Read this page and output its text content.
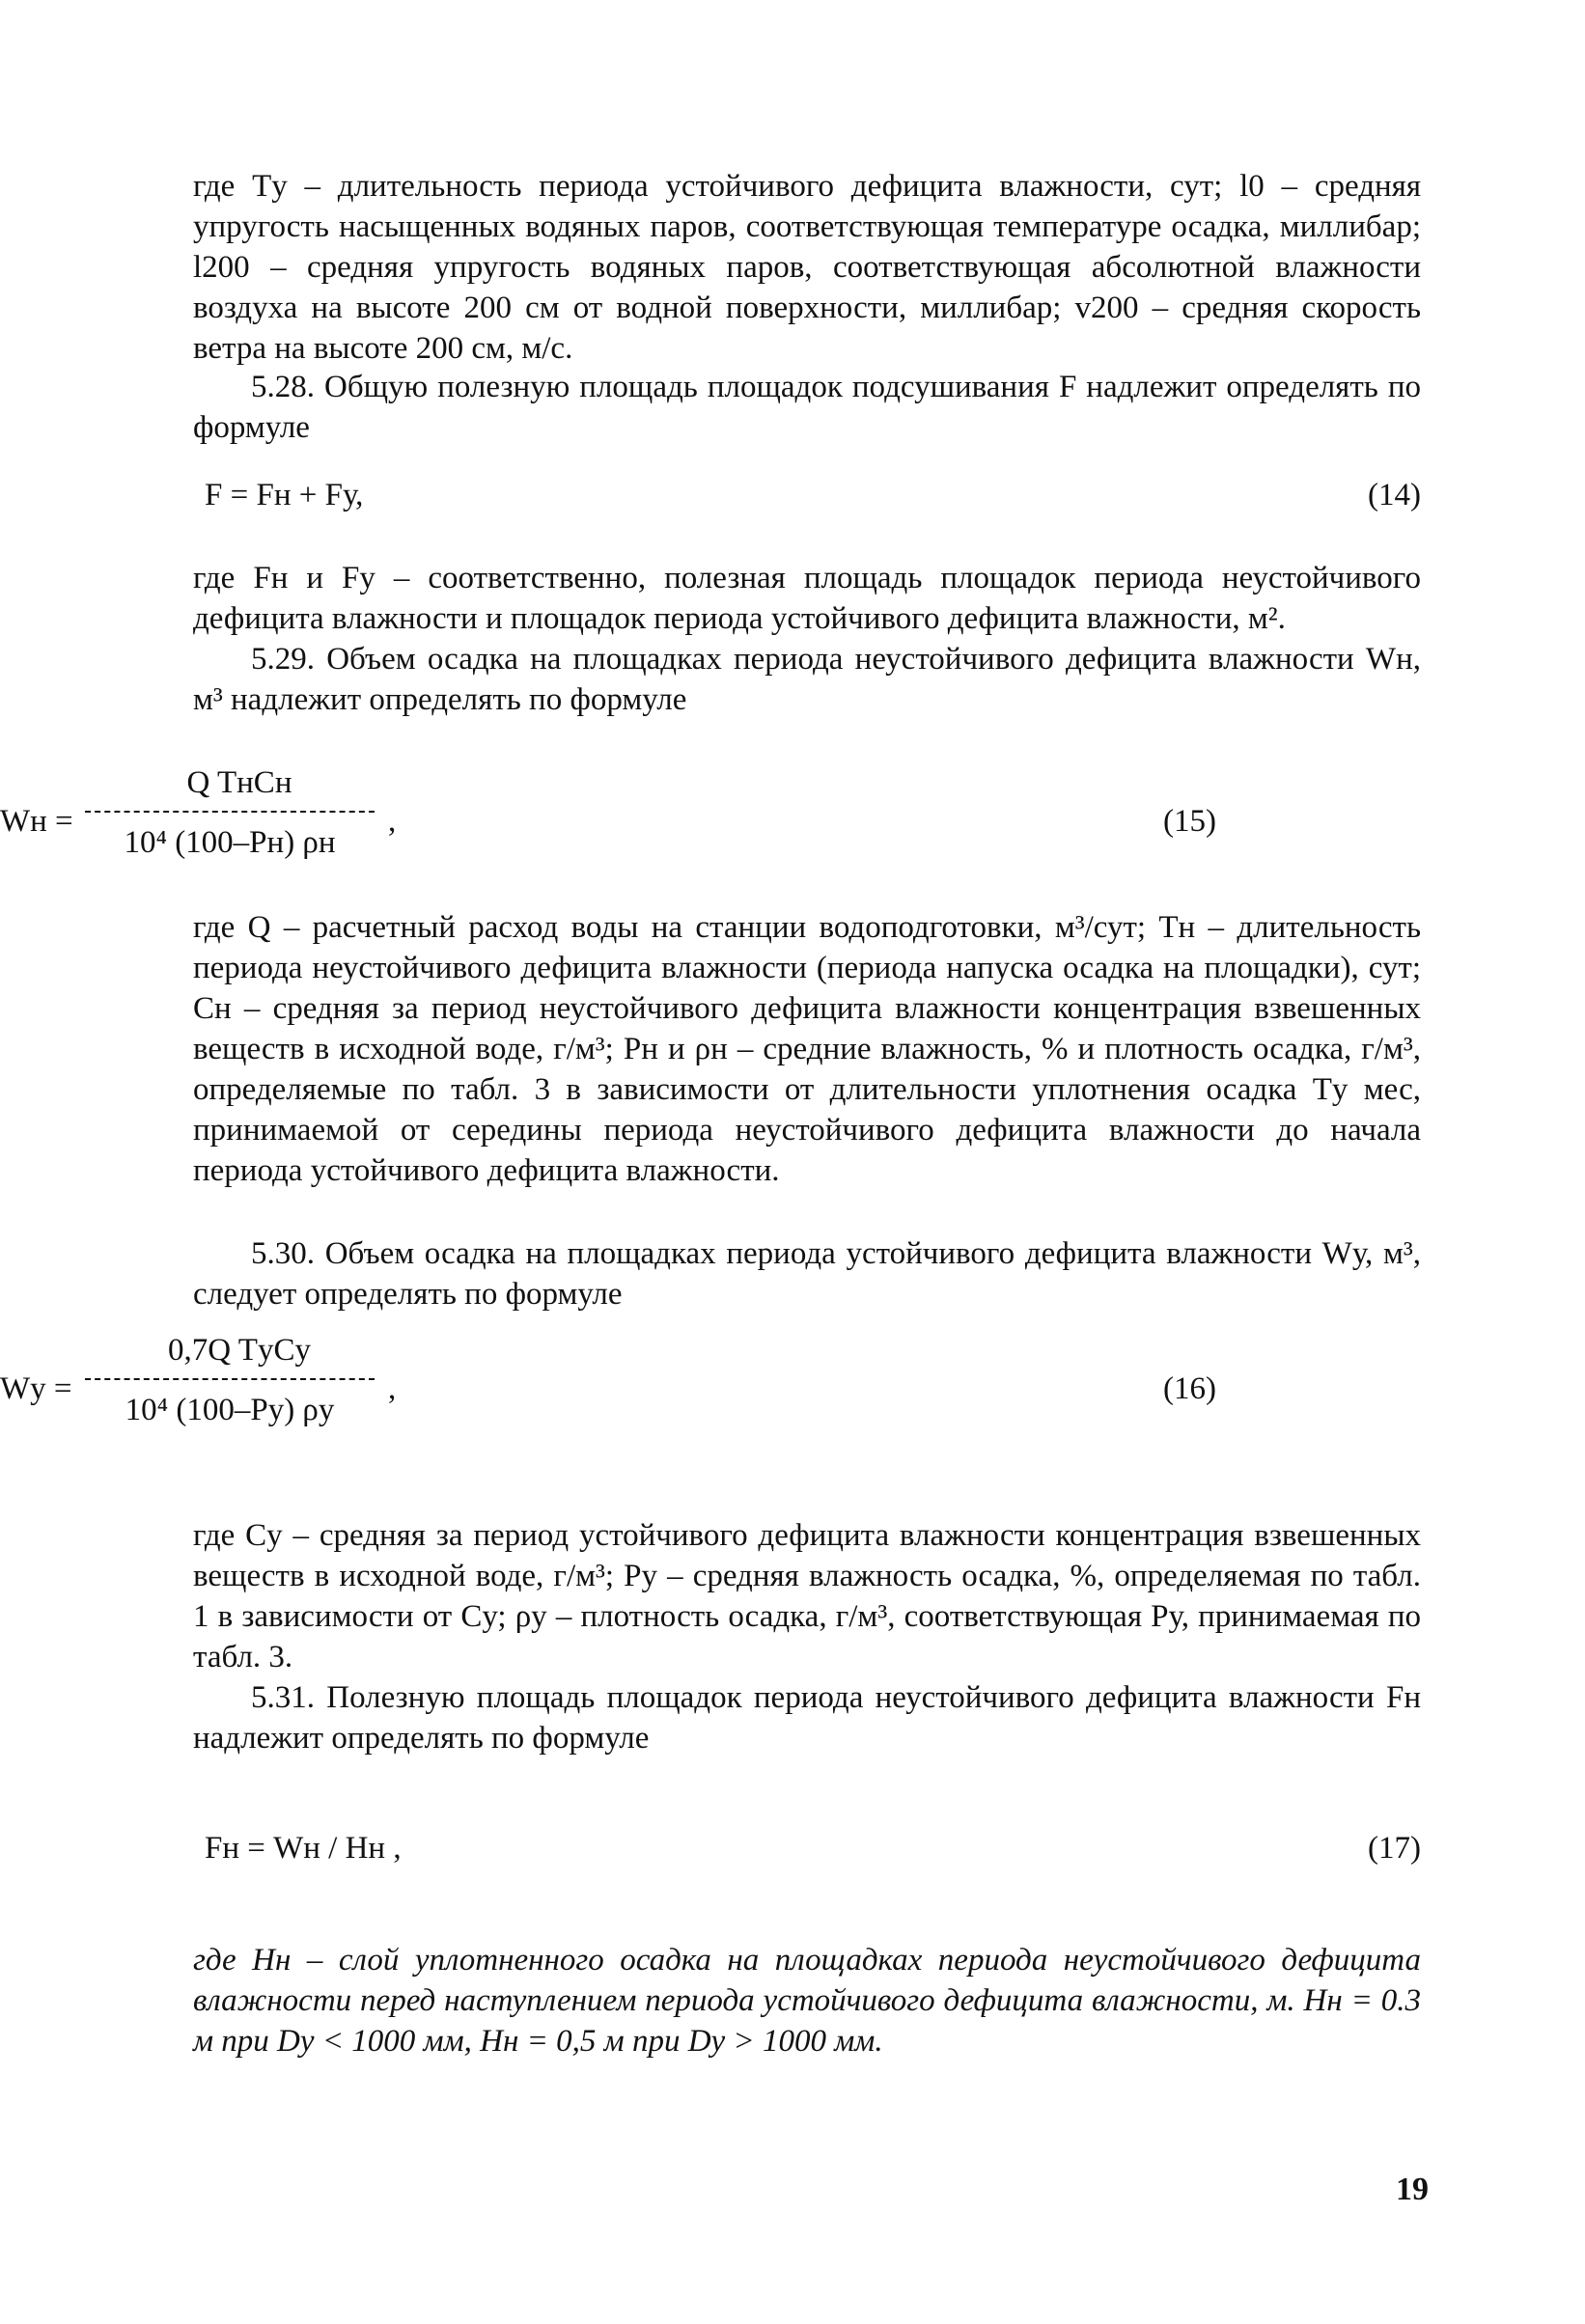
где Tу – длительность периода устойчивого дефицита влажности, сут; l0 – средняя упругость насыщенных водяных паров, соответствующая температуре осадка, миллибар; l200 – средняя упругость водяных паров, соответствующая абсолютной влажности воздуха на высоте 200 см от водной поверхности, миллибар; v200 – средняя скорость ветра на высоте 200 см, м/с.
5.28. Общую полезную площадь площадок подсушивания F надлежит определять по формуле
F = Fн + Fу,	(14)
где Fн и Fу – соответственно, полезная площадь площадок периода неустойчивого дефицита влажности и площадок периода устойчивого дефицита влажности, м².
5.29. Объем осадка на площадках периода неустойчивого дефицита влажности Wн, м³ надлежит определять по формуле
Wн =
Q TнCн
10⁴ (100–Pн) ρн
,	(15)
где Q – расчетный расход воды на станции водоподготовки, м³/сут; Tн – длительность периода неустойчивого дефицита влажности (периода напуска осадка на площадки), сут; Cн – средняя за период неустойчивого дефицита влажности концентрация взвешенных веществ в исходной воде, г/м³; Pн и ρн – средние влажность, % и плотность осадка, г/м³, определяемые по табл. 3 в зависимости от длительности уплотнения осадка Tу мес, принимаемой от середины периода неустойчивого дефицита влажности до начала периода устойчивого дефицита влажности.
5.30. Объем осадка на площадках периода устойчивого дефицита влажности Wу, м³, следует определять по формуле
Wу =
0,7Q TуCу
10⁴ (100–Pу) ρу
,	(16)
где Cу – средняя за период устойчивого дефицита влажности концентрация взвешенных веществ в исходной воде, г/м³; Pу – средняя влажность осадка, %, определяемая по табл. 1 в зависимости от Cу; ρу – плотность осадка, г/м³, соответствующая Pу, принимаемая по табл. 3.
5.31. Полезную площадь площадок периода неустойчивого дефицита влажности Fн надлежит определять по формуле
Fн = Wн / Hн ,	(17)
где Hн – слой уплотненного осадка на площадках периода неустойчивого дефицита влажности перед наступлением периода устойчивого дефицита влажности, м. Hн = 0.3 м при Dу < 1000 мм, Hн = 0,5 м при Dу > 1000 мм.
19
